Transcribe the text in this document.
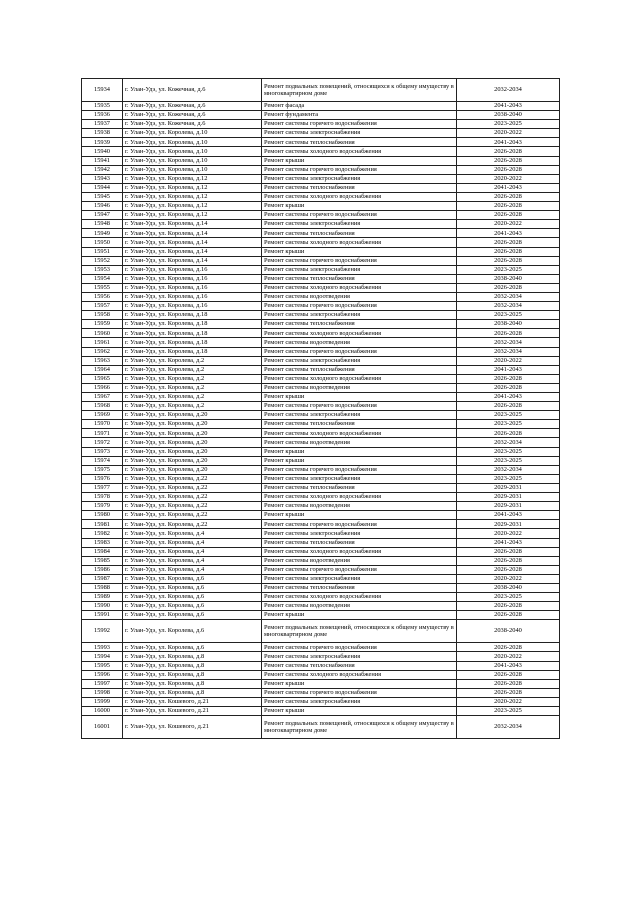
15934	г. Улан-Удэ, ул. Кожечная, д.6	Ремонт подвальных помещений, относящихся к общему имуществу в многоквартирном доме	2032-2034
15935	г. Улан-Удэ, ул. Кожечная, д.6	Ремонт фасада	2041-2043
15936	г. Улан-Удэ, ул. Кожечная, д.6	Ремонт фундамента	2038-2040
15937	г. Улан-Удэ, ул. Кожечная, д.6	Ремонт системы горячего водоснабжения	2023-2025
15938	г. Улан-Удэ, ул. Королева, д.10	Ремонт системы электроснабжения	2020-2022
15939	г. Улан-Удэ, ул. Королева, д.10	Ремонт системы теплоснабжения	2041-2043
15940	г. Улан-Удэ, ул. Королева, д.10	Ремонт системы холодного водоснабжения	2026-2028
15941	г. Улан-Удэ, ул. Королева, д.10	Ремонт крыши	2026-2028
15942	г. Улан-Удэ, ул. Королева, д.10	Ремонт системы горячего водоснабжения	2026-2028
15943	г. Улан-Удэ, ул. Королева, д.12	Ремонт системы электроснабжения	2020-2022
15944	г. Улан-Удэ, ул. Королева, д.12	Ремонт системы теплоснабжения	2041-2043
15945	г. Улан-Удэ, ул. Королева, д.12	Ремонт системы холодного водоснабжения	2026-2028
15946	г. Улан-Удэ, ул. Королева, д.12	Ремонт крыши	2026-2028
15947	г. Улан-Удэ, ул. Королева, д.12	Ремонт системы горячего водоснабжения	2026-2028
15948	г. Улан-Удэ, ул. Королева, д.14	Ремонт системы электроснабжения	2020-2022
15949	г. Улан-Удэ, ул. Королева, д.14	Ремонт системы теплоснабжения	2041-2043
15950	г. Улан-Удэ, ул. Королева, д.14	Ремонт системы холодного водоснабжения	2026-2028
15951	г. Улан-Удэ, ул. Королева, д.14	Ремонт крыши	2026-2028
15952	г. Улан-Удэ, ул. Королева, д.14	Ремонт системы горячего водоснабжения	2026-2028
15953	г. Улан-Удэ, ул. Королева, д.16	Ремонт системы электроснабжения	2023-2025
15954	г. Улан-Удэ, ул. Королева, д.16	Ремонт системы теплоснабжения	2038-2040
15955	г. Улан-Удэ, ул. Королева, д.16	Ремонт системы холодного водоснабжения	2026-2028
15956	г. Улан-Удэ, ул. Королева, д.16	Ремонт системы водоотведения	2032-2034
15957	г. Улан-Удэ, ул. Королева, д.16	Ремонт системы горячего водоснабжения	2032-2034
15958	г. Улан-Удэ, ул. Королева, д.18	Ремонт системы электроснабжения	2023-2025
15959	г. Улан-Удэ, ул. Королева, д.18	Ремонт системы теплоснабжения	2038-2040
15960	г. Улан-Удэ, ул. Королева, д.18	Ремонт системы холодного водоснабжения	2026-2028
15961	г. Улан-Удэ, ул. Королева, д.18	Ремонт системы водоотведения	2032-2034
15962	г. Улан-Удэ, ул. Королева, д.18	Ремонт системы горячего водоснабжения	2032-2034
15963	г. Улан-Удэ, ул. Королева, д.2	Ремонт системы электроснабжения	2020-2022
15964	г. Улан-Удэ, ул. Королева, д.2	Ремонт системы теплоснабжения	2041-2043
15965	г. Улан-Удэ, ул. Королева, д.2	Ремонт системы холодного водоснабжения	2026-2028
15966	г. Улан-Удэ, ул. Королева, д.2	Ремонт системы водоотведения	2026-2028
15967	г. Улан-Удэ, ул. Королева, д.2	Ремонт крыши	2041-2043
15968	г. Улан-Удэ, ул. Королева, д.2	Ремонт системы горячего водоснабжения	2026-2028
15969	г. Улан-Удэ, ул. Королева, д.20	Ремонт системы электроснабжения	2023-2025
15970	г. Улан-Удэ, ул. Королева, д.20	Ремонт системы теплоснабжения	2023-2025
15971	г. Улан-Удэ, ул. Королева, д.20	Ремонт системы холодного водоснабжения	2026-2028
15972	г. Улан-Удэ, ул. Королева, д.20	Ремонт системы водоотведения	2032-2034
15973	г. Улан-Удэ, ул. Королева, д.20	Ремонт крыши	2023-2025
15974	г. Улан-Удэ, ул. Королева, д.20	Ремонт крыши	2023-2025
15975	г. Улан-Удэ, ул. Королева, д.20	Ремонт системы горячего водоснабжения	2032-2034
15976	г. Улан-Удэ, ул. Королева, д.22	Ремонт системы электроснабжения	2023-2025
15977	г. Улан-Удэ, ул. Королева, д.22	Ремонт системы теплоснабжения	2029-2031
15978	г. Улан-Удэ, ул. Королева, д.22	Ремонт системы холодного водоснабжения	2029-2031
15979	г. Улан-Удэ, ул. Королева, д.22	Ремонт системы водоотведения	2029-2031
15980	г. Улан-Удэ, ул. Королева, д.22	Ремонт крыши	2041-2043
15981	г. Улан-Удэ, ул. Королева, д.22	Ремонт системы горячего водоснабжения	2029-2031
15982	г. Улан-Удэ, ул. Королева, д.4	Ремонт системы электроснабжения	2020-2022
15983	г. Улан-Удэ, ул. Королева, д.4	Ремонт системы теплоснабжения	2041-2043
15984	г. Улан-Удэ, ул. Королева, д.4	Ремонт системы холодного водоснабжения	2026-2028
15985	г. Улан-Удэ, ул. Королева, д.4	Ремонт системы водоотведения	2026-2028
15986	г. Улан-Удэ, ул. Королева, д.4	Ремонт системы горячего водоснабжения	2026-2028
15987	г. Улан-Удэ, ул. Королева, д.6	Ремонт системы электроснабжения	2020-2022
15988	г. Улан-Удэ, ул. Королева, д.6	Ремонт системы теплоснабжения	2038-2040
15989	г. Улан-Удэ, ул. Королева, д.6	Ремонт системы холодного водоснабжения	2023-2025
15990	г. Улан-Удэ, ул. Королева, д.6	Ремонт системы водоотведения	2026-2028
15991	г. Улан-Удэ, ул. Королева, д.6	Ремонт крыши	2026-2028
15992	г. Улан-Удэ, ул. Королева, д.6	Ремонт подвальных помещений, относящихся к общему имуществу в многоквартирном доме	2038-2040
15993	г. Улан-Удэ, ул. Королева, д.6	Ремонт системы горячего водоснабжения	2026-2028
15994	г. Улан-Удэ, ул. Королева, д.8	Ремонт системы электроснабжения	2020-2022
15995	г. Улан-Удэ, ул. Королева, д.8	Ремонт системы теплоснабжения	2041-2043
15996	г. Улан-Удэ, ул. Королева, д.8	Ремонт системы холодного водоснабжения	2026-2028
15997	г. Улан-Удэ, ул. Королева, д.8	Ремонт крыши	2026-2028
15998	г. Улан-Удэ, ул. Королева, д.8	Ремонт системы горячего водоснабжения	2026-2028
15999	г. Улан-Удэ, ул. Кошевого, д.21	Ремонт системы электроснабжения	2020-2022
16000	г. Улан-Удэ, ул. Кошевого, д.21	Ремонт крыши	2023-2025
16001	г. Улан-Удэ, ул. Кошевого, д.21	Ремонт подвальных помещений, относящихся к общему имуществу в многоквартирном доме	2032-2034
